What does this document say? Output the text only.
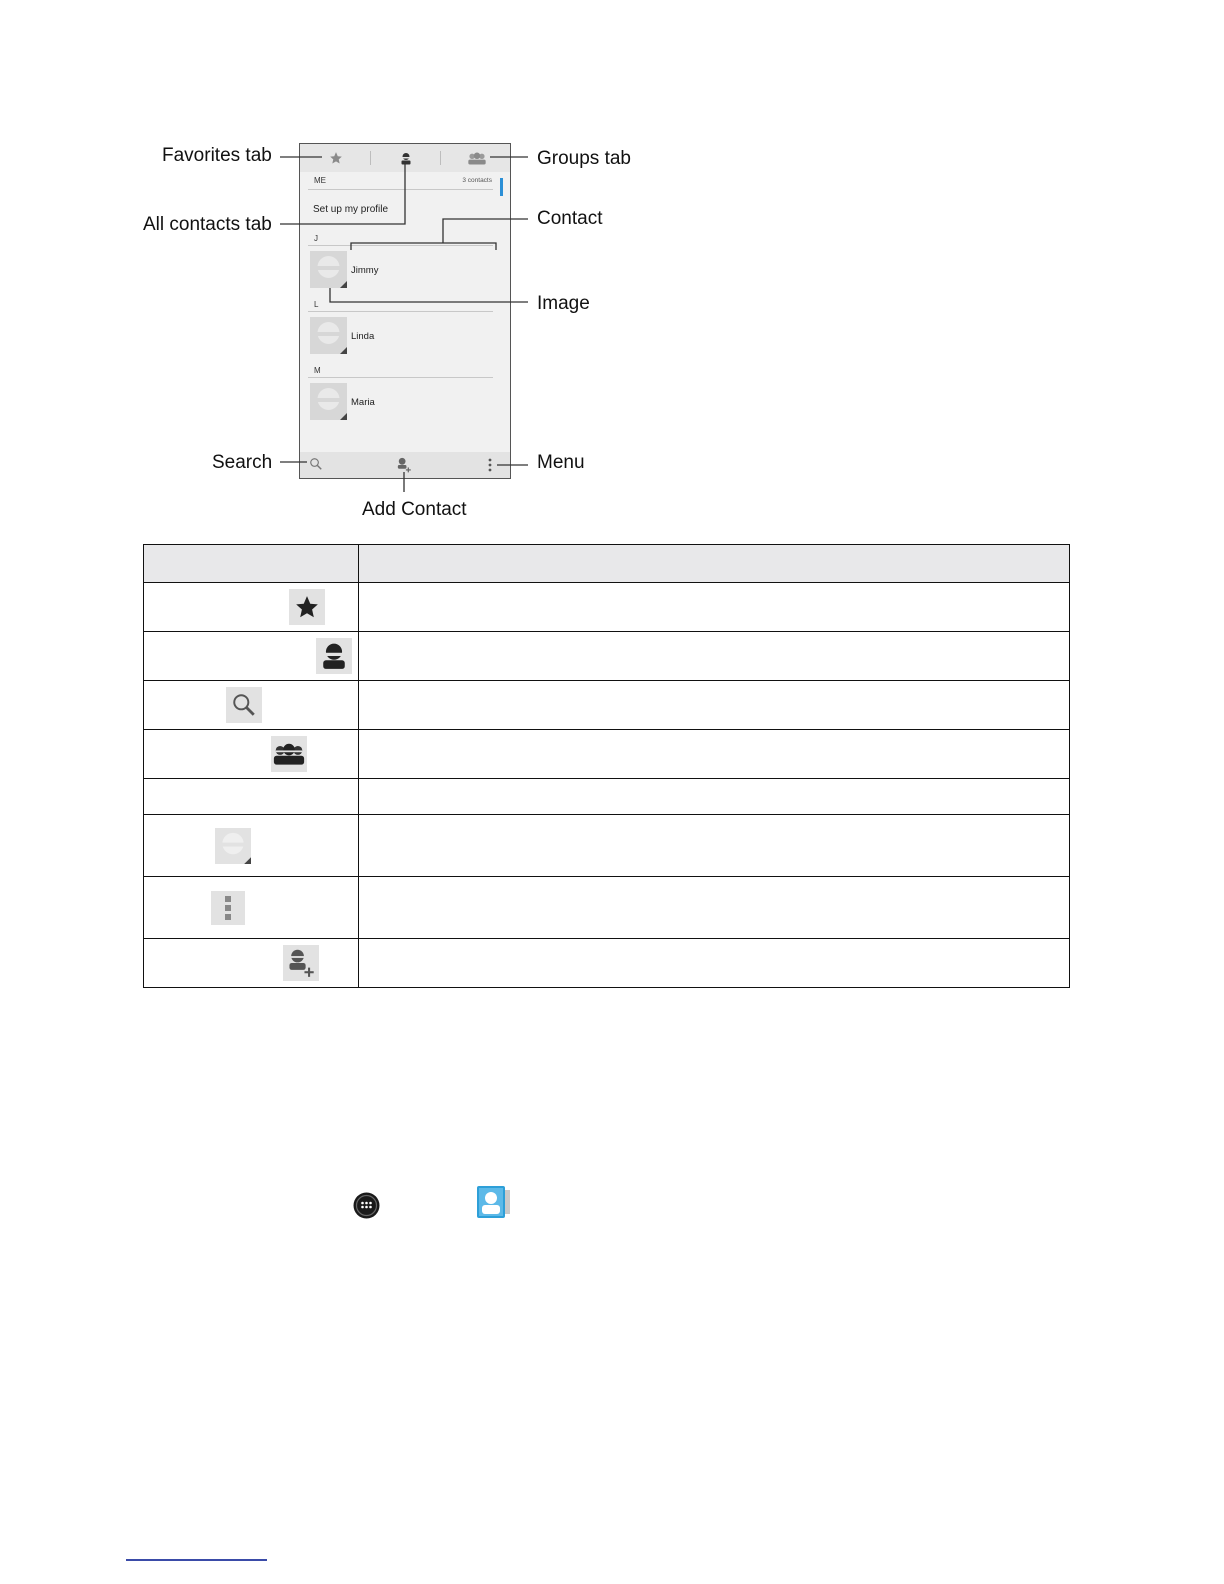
ME	3 contacts
Set up my profile
J
Jimmy
L
Linda
M
Maria
Favorites tab	Groups tab
All contacts tab	Contact
Image
Search	Menu
Add Contact
